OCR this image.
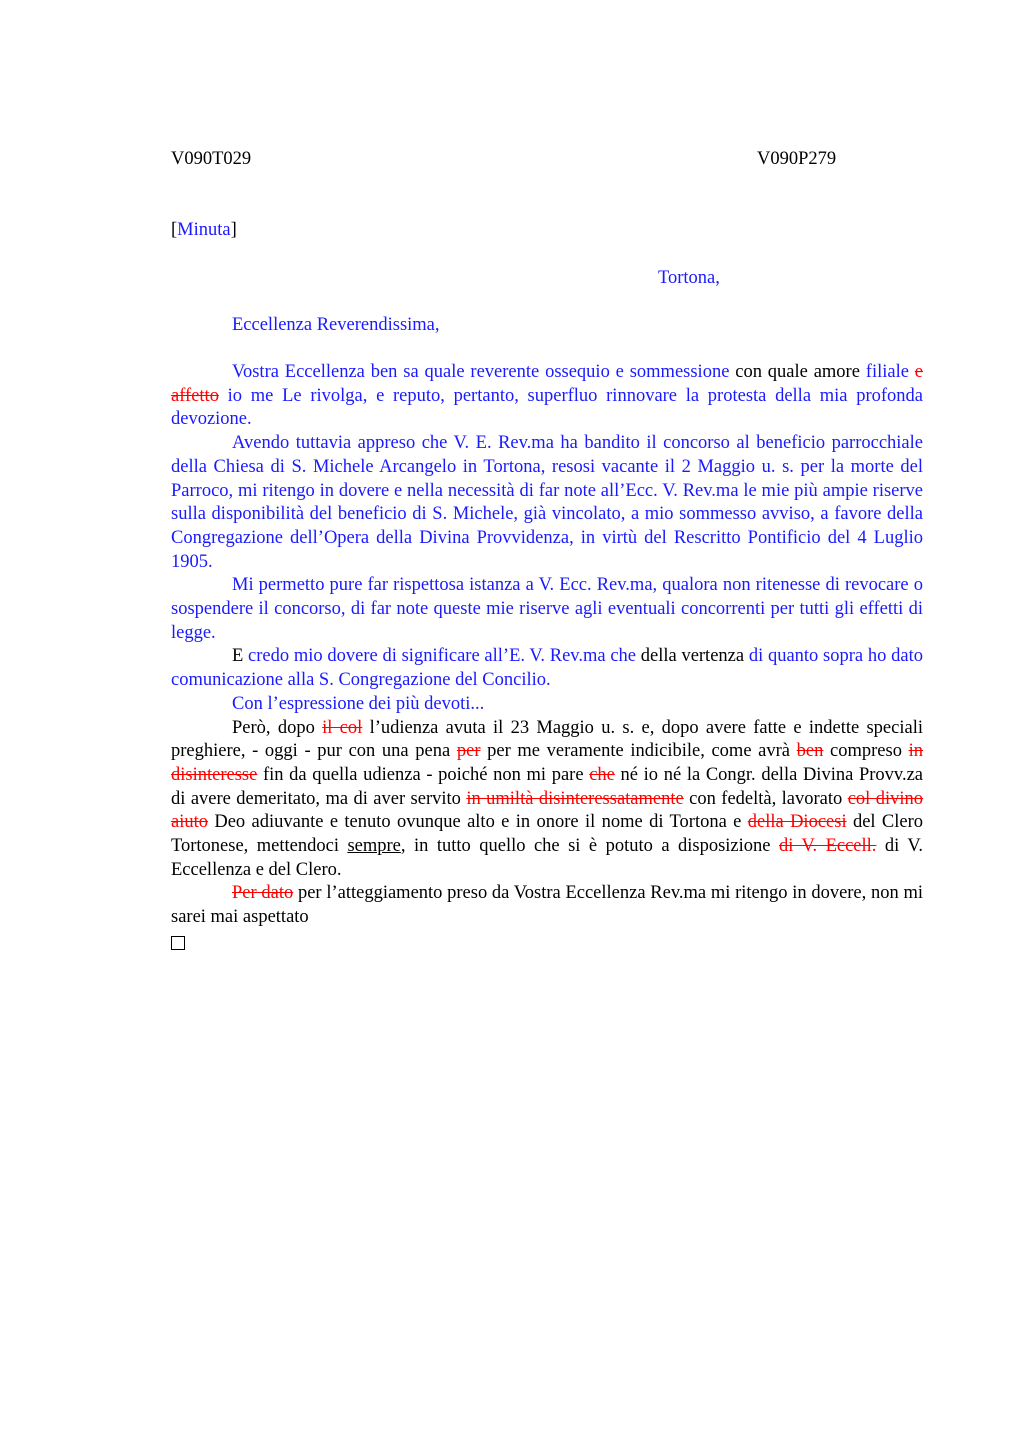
V090T029	V090P279
[Minuta]
Tortona,
Eccellenza Reverendissima,

Vostra Eccellenza ben sa quale reverente ossequio e sommessione con quale amore filiale e affetto io me Le rivolga, e reputo, pertanto, superfluo rinnovare la protesta della mia profonda devozione.

Avendo tuttavia appreso che V. E. Rev.ma ha bandito il concorso al beneficio parrocchiale della Chiesa di S. Michele Arcangelo in Tortona, resosi vacante il 2 Maggio u. s. per la morte del Parroco, mi ritengo in dovere e nella necessità di far note all’Ecc. V. Rev.ma le mie più ampie riserve sulla disponibilità del beneficio di S. Michele, già vincolato, a mio sommesso avviso, a favore della Congregazione dell’Opera della Divina Provvidenza, in virtù del Rescritto Pontificio del 4 Luglio 1905.

Mi permetto pure far rispettosa istanza a V. Ecc. Rev.ma, qualora non ritenesse di revocare o sospendere il concorso, di far note queste mie riserve agli eventuali concorrenti per tutti gli effetti di legge.

E credo mio dovere di significare all’E. V. Rev.ma che della vertenza di quanto sopra ho dato comunicazione alla S. Congregazione del Concilio.

Con l’espressione dei più devoti...

Però, dopo il col l’udienza avuta il 23 Maggio u. s. e, dopo avere fatte e indette speciali preghiere, - oggi - pur con una pena per per me veramente indicibile, come avrà ben compreso in disinteresse fin da quella udienza - poiché non mi pare che né io né la Congr. della Divina Provv.za di avere demeritato, ma di aver servito in umiltà disinteressatamente con fedeltà, lavorato col divino aiuto Deo adiuvante e tenuto ovunque alto e in onore il nome di Tortona e della Diocesi del Clero Tortonese, mettendoci sempre, in tutto quello che si è potuto a disposizione di V. Eccell. di V. Eccellenza e del Clero.

Per dato per l’atteggiamento preso da Vostra Eccellenza Rev.ma mi ritengo in dovere, non mi sarei mai aspettato
